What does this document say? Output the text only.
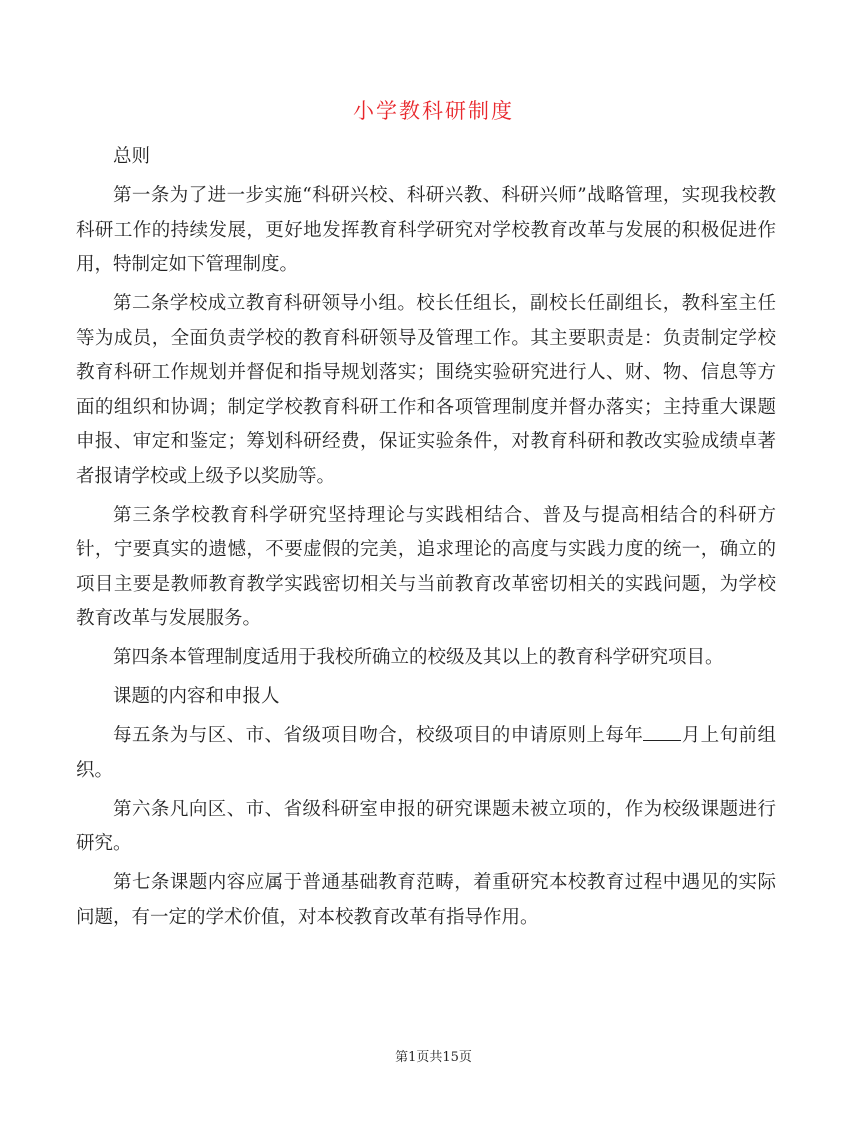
小学教科研制度

总则

第一条为了进一步实施“科研兴校、科研兴教、科研兴师”战略管理，实现我校教科研工作的持续发展，更好地发挥教育科学研究对学校教育改革与发展的积极促进作用，特制定如下管理制度。

第二条学校成立教育科研领导小组。校长任组长，副校长任副组长，教科室主任等为成员，全面负责学校的教育科研领导及管理工作。其主要职责是：负责制定学校教育科研工作规划并督促和指导规划落实；围绕实验研究进行人、财、物、信息等方面的组织和协调；制定学校教育科研工作和各项管理制度并督办落实；主持重大课题申报、审定和鉴定；筹划科研经费，保证实验条件，对教育科研和教改实验成绩卓著者报请学校或上级予以奖励等。

第三条学校教育科学研究坚持理论与实践相结合、普及与提高相结合的科研方针，宁要真实的遗憾，不要虚假的完美，追求理论的高度与实践力度的统一，确立的项目主要是教师教育教学实践密切相关与当前教育改革密切相关的实践问题，为学校教育改革与发展服务。

第四条本管理制度适用于我校所确立的校级及其以上的教育科学研究项目。

课题的内容和申报人

每五条为与区、市、省级项目吻合，校级项目的申请原则上每年 月上旬前组织。

第六条凡向区、市、省级科研室申报的研究课题未被立项的，作为校级课题进行研究。

第七条课题内容应属于普通基础教育范畴，着重研究本校教育过程中遇见的实际问题，有一定的学术价值，对本校教育改革有指导作用。

第1页共15页
